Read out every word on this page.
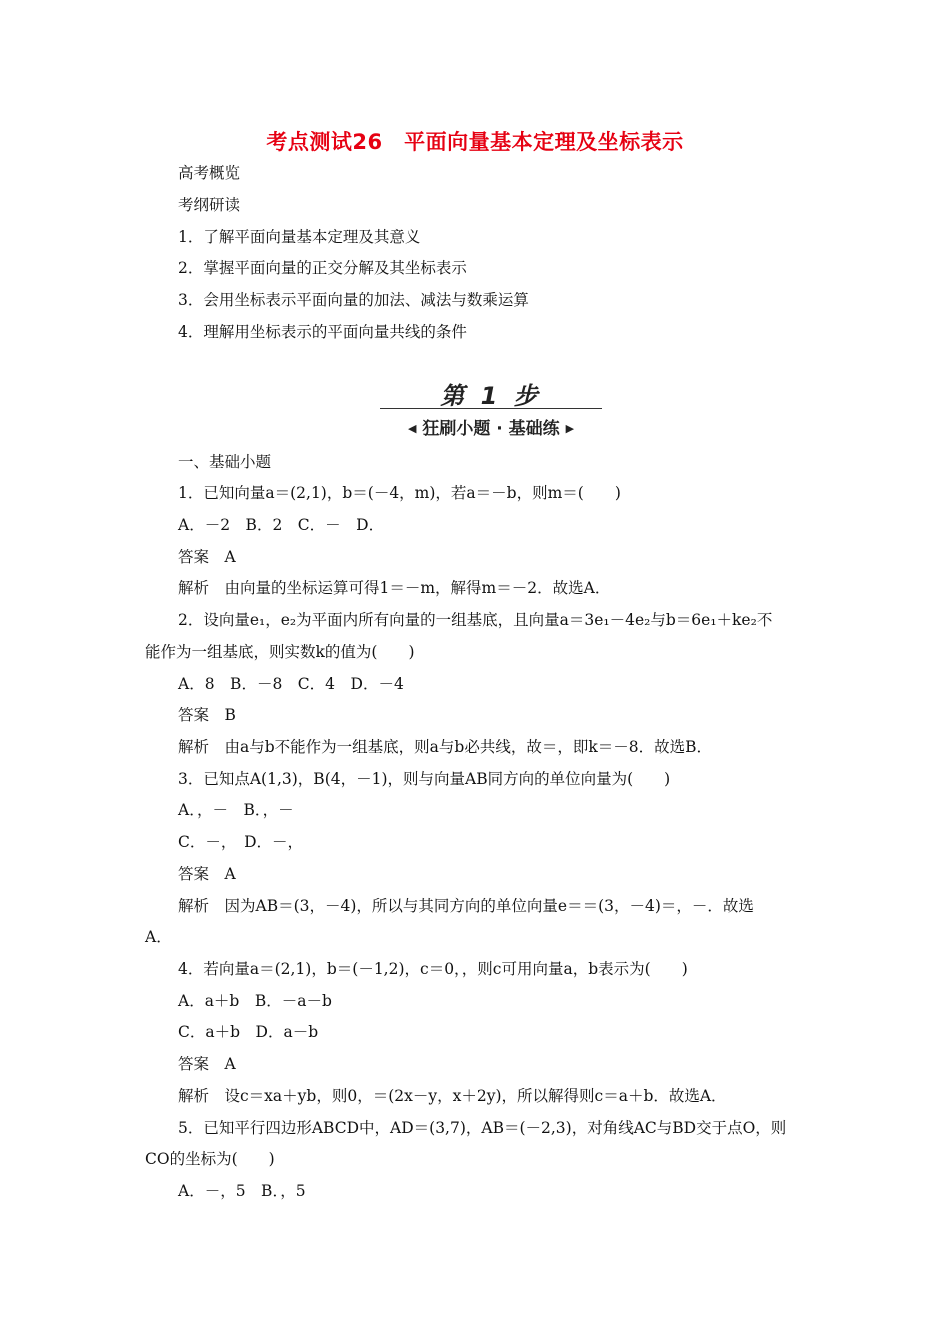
考点测试26　平面向量基本定理及坐标表示
高考概览
考纲研读
1．了解平面向量基本定理及其意义
2．掌握平面向量的正交分解及其坐标表示
3．会用坐标表示平面向量的加法、减法与数乘运算
4．理解用坐标表示的平面向量共线的条件
第 1 步
◀ 狂刷小题 · 基础练 ▶
一、基础小题
1．已知向量a＝(2,1)，b＝(－4，m)，若a＝－b，则m＝(　　)
A．－2　B．2　C．－　D．
答案　A
解析　由向量的坐标运算可得1＝－m，解得m＝－2．故选A．
2．设向量e₁，e₂为平面内所有向量的一组基底，且向量a＝3e₁－4e₂与b＝6e₁＋ke₂不
能作为一组基底，则实数k的值为(　　)
A．8　B．－8　C．4　D．－4
答案　B
解析　由a与b不能作为一组基底，则a与b必共线，故＝，即k＝－8．故选B．
3．已知点A(1,3)，B(4，－1)，则与向量AB同方向的单位向量为(　　)
A．，－　B．，－
C．－，　D．－，
答案　A
解析　因为AB＝(3，－4)，所以与其同方向的单位向量e＝＝(3，－4)＝，－．故选
A．
4．若向量a＝(2,1)，b＝(－1,2)，c＝0，，则c可用向量a，b表示为(　　)
A．a＋b　B．－a－b
C．a＋b　D．a－b
答案　A
解析　设c＝xa＋yb，则0，＝(2x－y，x＋2y)，所以解得则c＝a＋b．故选A．
5．已知平行四边形ABCD中，AD＝(3,7)，AB＝(－2,3)，对角线AC与BD交于点O，则
CO的坐标为(　　)
A．－，5　B．，5
